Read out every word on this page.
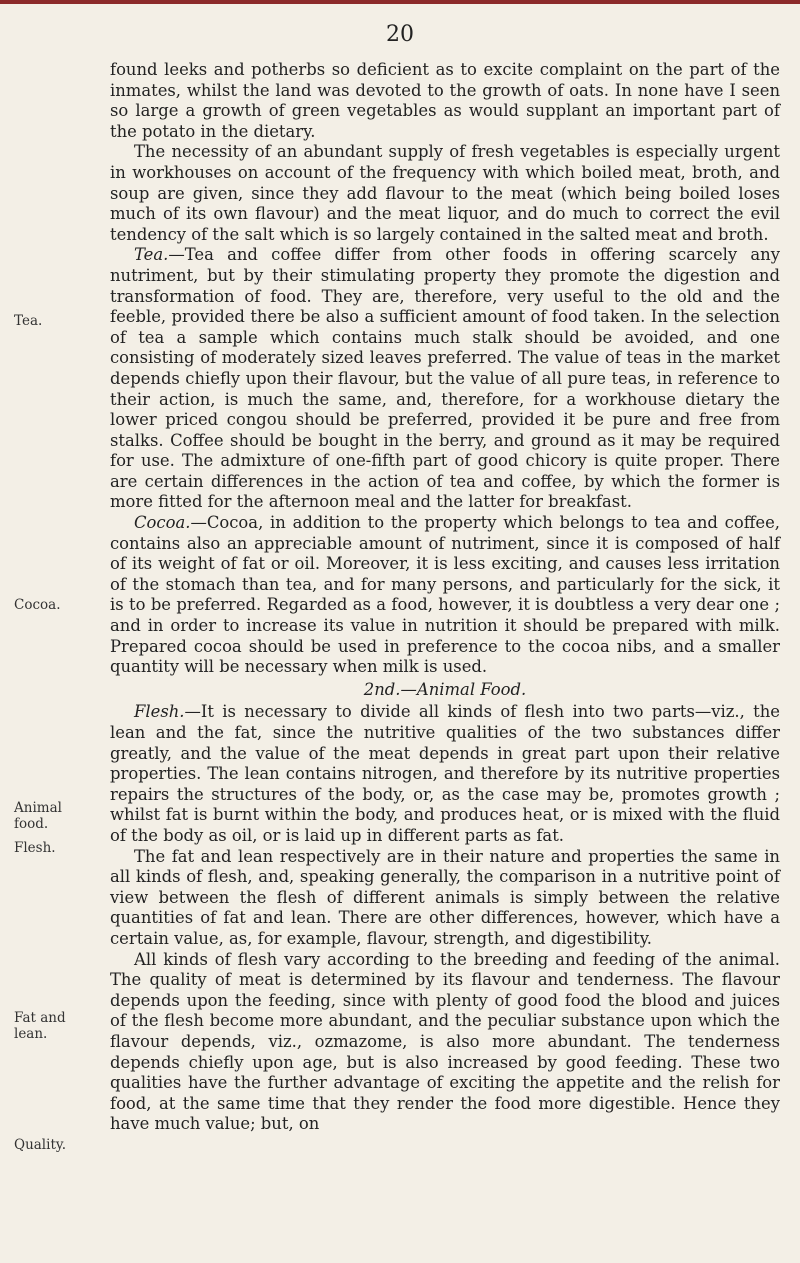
20
Tea.
Cocoa.
Animal food.
Flesh.
Fat and lean.
Quality.

found leeks and potherbs so deficient as to excite complaint on the part of the inmates, whilst the land was devoted to the growth of oats. In none have I seen so large a growth of green vegetables as would supplant an important part of the potato in the dietary.

The necessity of an abundant supply of fresh vegetables is especially urgent in workhouses on account of the frequency with which boiled meat, broth, and soup are given, since they add flavour to the meat (which being boiled loses much of its own flavour) and the meat liquor, and do much to correct the evil tendency of the salt which is so largely contained in the salted meat and broth.

Tea.—Tea and coffee differ from other foods in offering scarcely any nutriment, but by their stimulating property they promote the digestion and transformation of food. They are, therefore, very useful to the old and the feeble, provided there be also a sufficient amount of food taken. In the selection of tea a sample which contains much stalk should be avoided, and one consisting of moderately sized leaves preferred. The value of teas in the market depends chiefly upon their flavour, but the value of all pure teas, in reference to their action, is much the same, and, therefore, for a workhouse dietary the lower priced congou should be preferred, provided it be pure and free from stalks. Coffee should be bought in the berry, and ground as it may be required for use. The admixture of one-fifth part of good chicory is quite proper. There are certain differences in the action of tea and coffee, by which the former is more fitted for the afternoon meal and the latter for breakfast.

Cocoa.—Cocoa, in addition to the property which belongs to tea and coffee, contains also an appreciable amount of nutriment, since it is composed of half of its weight of fat or oil. Moreover, it is less exciting, and causes less irritation of the stomach than tea, and for many persons, and particularly for the sick, it is to be preferred. Regarded as a food, however, it is doubtless a very dear one ; and in order to increase its value in nutrition it should be prepared with milk. Prepared cocoa should be used in preference to the cocoa nibs, and a smaller quantity will be necessary when milk is used.

2nd.—Animal Food.

Flesh.—It is necessary to divide all kinds of flesh into two parts—viz., the lean and the fat, since the nutritive qualities of the two substances differ greatly, and the value of the meat depends in great part upon their relative properties. The lean contains nitrogen, and therefore by its nutritive properties repairs the structures of the body, or, as the case may be, promotes growth ; whilst fat is burnt within the body, and produces heat, or is mixed with the fluid of the body as oil, or is laid up in different parts as fat.

The fat and lean respectively are in their nature and properties the same in all kinds of flesh, and, speaking generally, the comparison in a nutritive point of view between the flesh of different animals is simply between the relative quantities of fat and lean. There are other differences, however, which have a certain value, as, for example, flavour, strength, and digestibility.

All kinds of flesh vary according to the breeding and feeding of the animal. The quality of meat is determined by its flavour and tenderness. The flavour depends upon the feeding, since with plenty of good food the blood and juices of the flesh become more abundant, and the peculiar substance upon which the flavour depends, viz., ozmazome, is also more abundant. The tenderness depends chiefly upon age, but is also increased by good feeding. These two qualities have the further advantage of exciting the appetite and the relish for food, at the same time that they render the food more digestible. Hence they have much value; but, on
